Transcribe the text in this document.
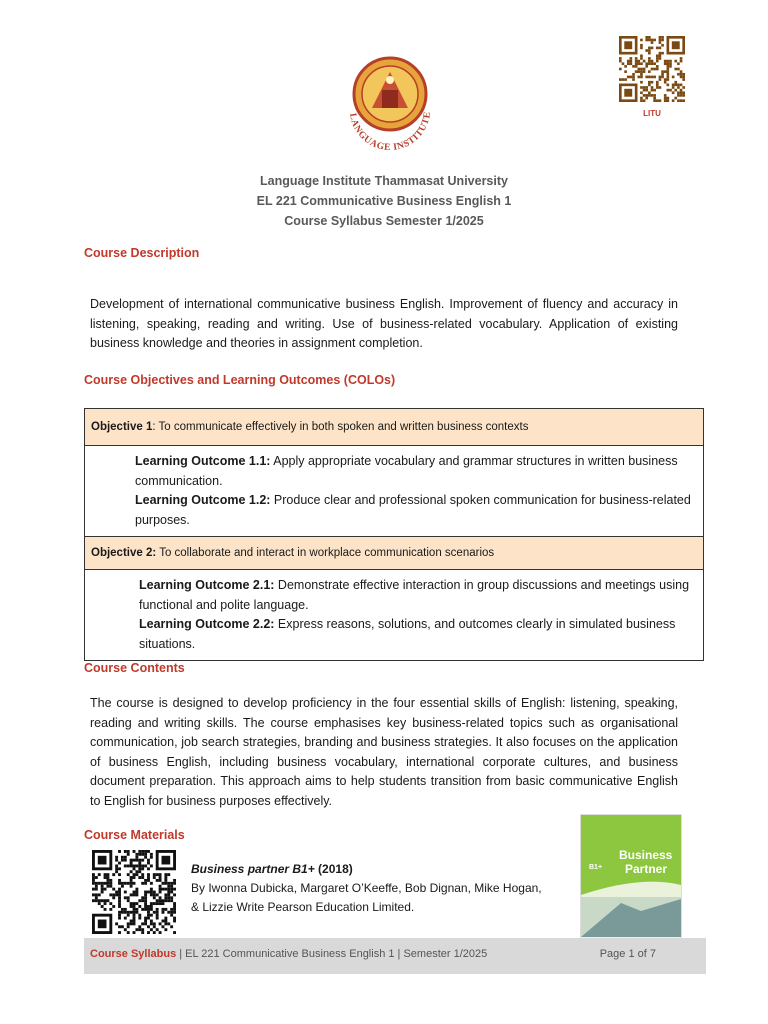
LANGUAGE INSTITUTE	LITU
Language Institute Thammasat University
EL 221 Communicative Business English 1
Course Syllabus Semester 1/2025
Course Description
Development of international communicative business English. Improvement of fluency and accuracy in listening, speaking, reading and writing. Use of business-related vocabulary. Application of existing business knowledge and theories in assignment completion.
Course Objectives and Learning Outcomes (COLOs)
Objective 1: To communicate effectively in both spoken and written business contexts
Learning Outcome 1.1: Apply appropriate vocabulary and grammar structures in written business communication.
Learning Outcome 1.2: Produce clear and professional spoken communication for business-related purposes.
Objective 2: To collaborate and interact in workplace communication scenarios
Learning Outcome 2.1: Demonstrate effective interaction in group discussions and meetings using functional and polite language.
Learning Outcome 2.2: Express reasons, solutions, and outcomes clearly in simulated business situations.
Course Contents
The course is designed to develop proficiency in the four essential skills of English: listening, speaking, reading and writing skills. The course emphasises key business-related topics such as organisational communication, job search strategies, branding and business strategies. It also focuses on the application of business English, including business vocabulary, international corporate cultures, and business document preparation. This approach aims to help students transition from basic communicative English to English for business purposes effectively.
Course Materials
Business partner B1+ (2018)
By Iwonna Dubicka, Margaret O’Keeffe, Bob Dignan, Mike Hogan,
& Lizzie Write Pearson Education Limited.
Business
Partner
B1+
Course Syllabus | EL 221 Communicative Business English 1 | Semester 1/2025	Page 1 of 7
